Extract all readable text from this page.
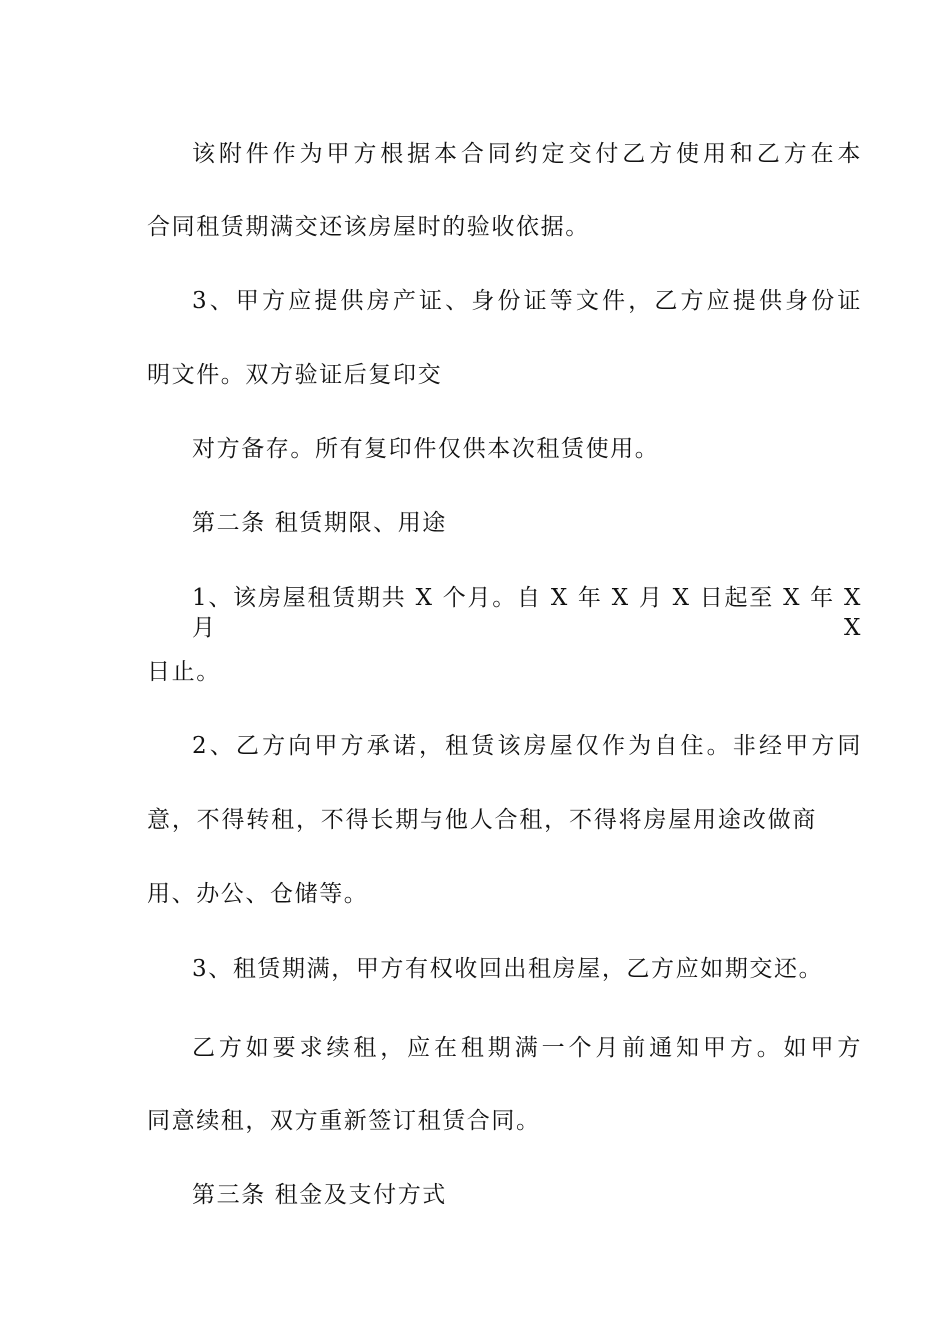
该附件作为甲方根据本合同约定交付乙方使用和乙方在本
合同租赁期满交还该房屋时的验收依据。
3、甲方应提供房产证、身份证等文件，乙方应提供身份证
明文件。双方验证后复印交
对方备存。所有复印件仅供本次租赁使用。
第二条 租赁期限、用途
1、该房屋租赁期共 X 个月。自 X 年 X 月 X 日起至 X 年 X 月 X
日止。
2、乙方向甲方承诺，租赁该房屋仅作为自住。非经甲方同
意，不得转租，不得长期与他人合租，不得将房屋用途改做商
用、办公、仓储等。
3、租赁期满，甲方有权收回出租房屋，乙方应如期交还。
乙方如要求续租，应在租期满一个月前通知甲方。如甲方
同意续租，双方重新签订租赁合同。
第三条 租金及支付方式
